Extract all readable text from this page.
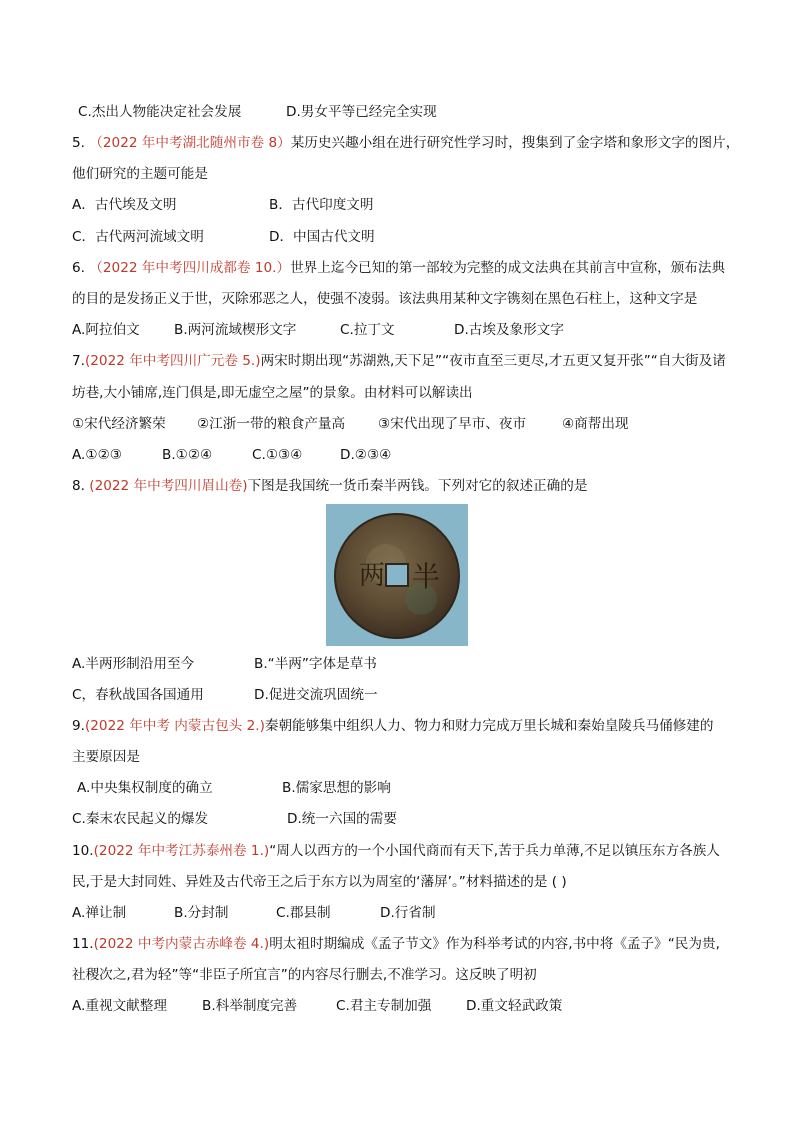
C.杰出人物能决定社会发展	D.男女平等已经完全实现
5. （2022 年中考湖北随州市卷 8）某历史兴趣小组在进行研究性学习时，搜集到了金字塔和象形文字的图片，
他们研究的主题可能是
A．古代埃及文明	B．古代印度文明
C．古代两河流域文明	D．中国古代文明
6. （2022 年中考四川成都卷 10.）世界上迄今已知的第一部较为完整的成文法典在其前言中宣称，颁布法典
的目的是发扬正义于世，灭除邪恶之人，使强不凌弱。该法典用某种文字镌刻在黑色石柱上，这种文字是
A.阿拉伯文	B.两河流域楔形文字	C.拉丁文	D.古埃及象形文字
7.(2022 年中考四川广元卷 5.)两宋时期出现“苏湖熟,天下足”“夜市直至三更尽,才五更又复开张”“自大街及诸
坊巷,大小铺席,连门俱是,即无虚空之屋”的景象。由材料可以解读出
①宋代经济繁荣 ②江浙一带的粮食产量高 ③宋代出现了早市、夜市	④商帮出现
A.①②③	B.①②④	C.①③④	D.②③④
8. (2022 年中考四川眉山卷)下图是我国统一货币秦半两钱。下列对它的叙述正确的是
两 半
A.半两形制沿用至今	B.“半两”字体是草书
C，春秋战国各国通用	D.促进交流巩固统一
9.(2022 年中考 内蒙古包头 2.)秦朝能够集中组织人力、物力和财力完成万里长城和秦始皇陵兵马俑修建的
主要原因是
A.中央集权制度的确立	B.儒家思想的影响
C.秦末农民起义的爆发	D.统一六国的需要
10.(2022 年中考江苏泰州卷 1.)“周人以西方的一个小国代商而有天下,苦于兵力单薄,不足以镇压东方各族人
民,于是大封同姓、异姓及古代帝王之后于东方以为周室的‘藩屏’。”材料描述的是 ( )
A.禅让制	B.分封制	C.郡县制	D.行省制
11.(2022 中考内蒙古赤峰卷 4.)明太祖时期编成《孟子节文》作为科举考试的内容,书中将《孟子》“民为贵,
社稷次之,君为轻”等“非臣子所宜言”的内容尽行删去,不准学习。这反映了明初
A.重视文献整理	B.科举制度完善	C.君主专制加强	D.重文轻武政策
